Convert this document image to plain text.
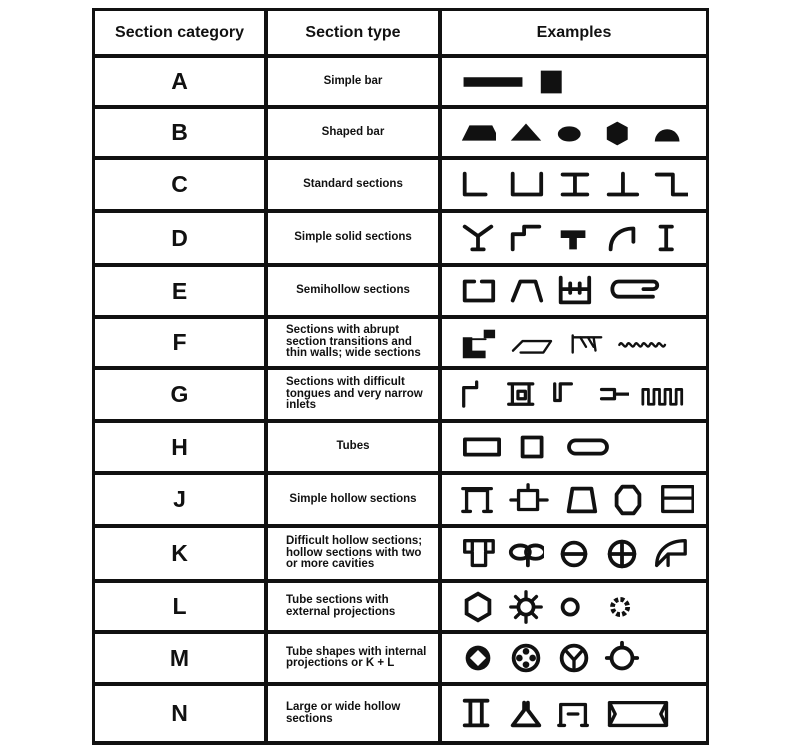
Section category	Section type	Examples
A	Simple bar
B	Shaped bar
C	Standard sections
D	Simple solid sections
E	Semihollow sections
F	Sections with abrupt section transitions and thin walls; wide sections
G	Sections with difficult tongues and very narrow inlets
H	Tubes
J	Simple hollow sections
K	Difficult hollow sections; hollow sections with two or more cavities
L	Tube sections with external projections
M	Tube shapes with internal projections or K + L
N	Large or wide hollow sections
